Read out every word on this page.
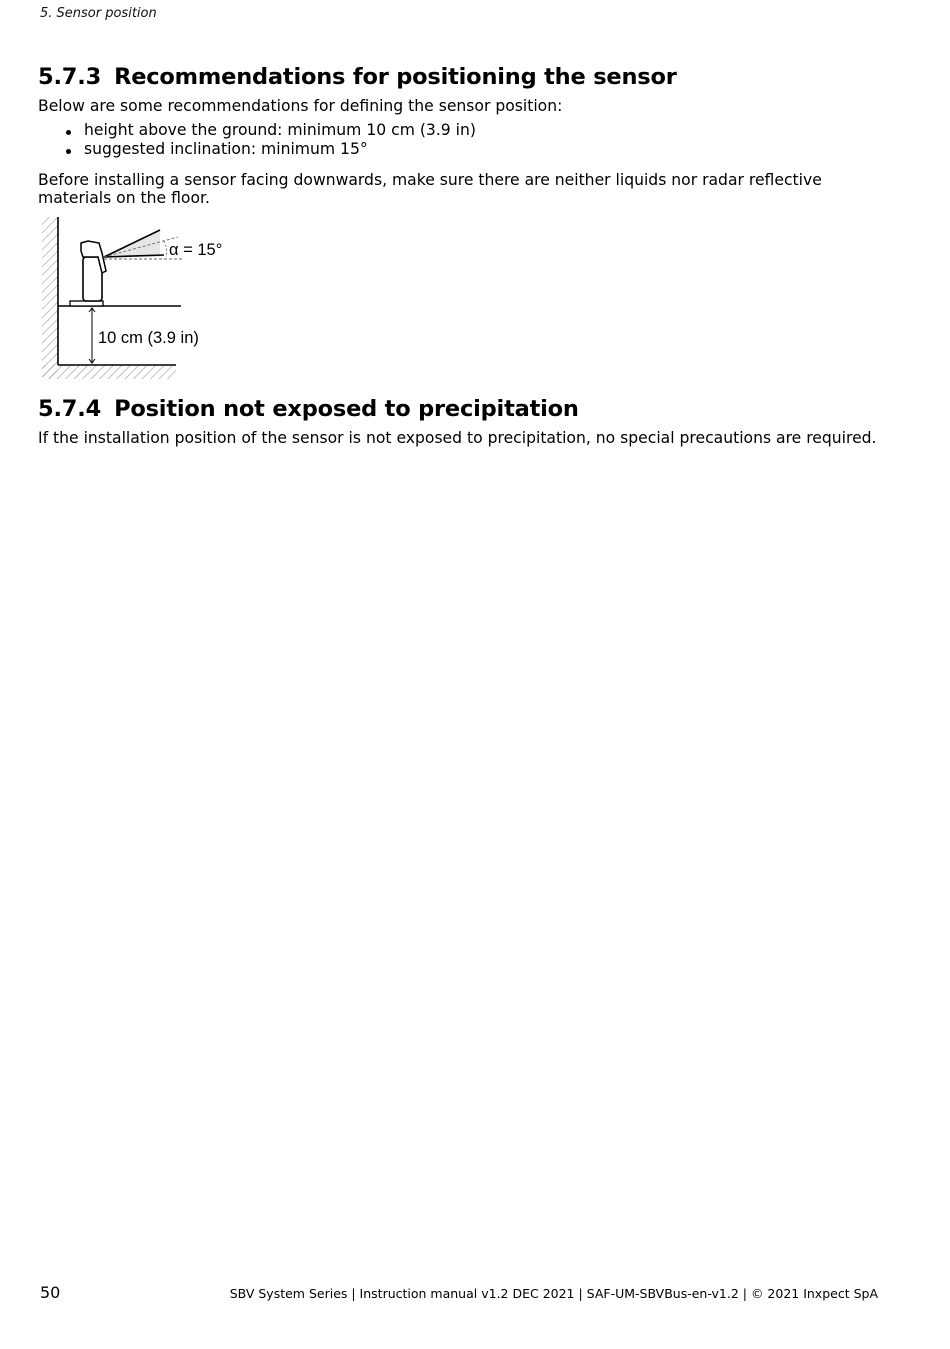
5. Sensor position
5.7.3 Recommendations for positioning the sensor

Below are some recommendations for defining the sensor position:

height above the ground: minimum 10 cm (3.9 in)
suggested inclination: minimum 15°

Before installing a sensor facing downwards, make sure there are neither liquids nor radar reflective materials on the floor.

α = 15°
10 cm (3.9 in)
5.7.4 Position not exposed to precipitation

If the installation position of the sensor is not exposed to precipitation, no special precautions are required.

50	SBV System Series | Instruction manual v1.2 DEC 2021 | SAF-UM-SBVBus-en-v1.2 | © 2021 Inxpect SpA
